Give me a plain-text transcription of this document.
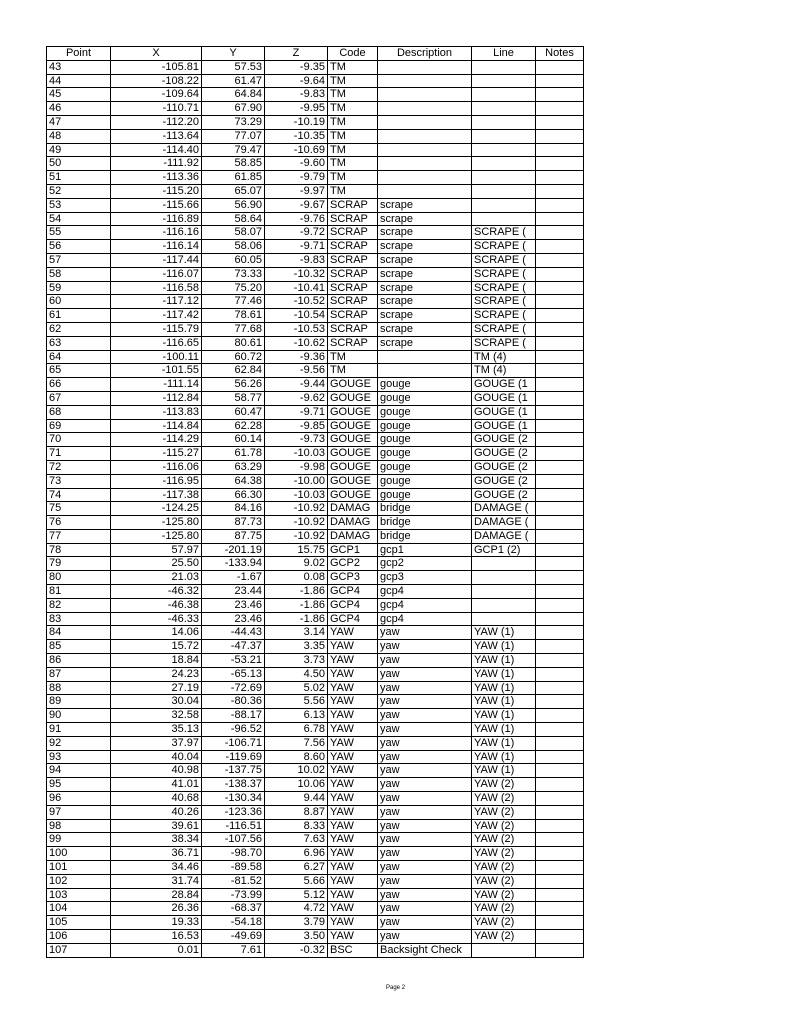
Point	X	Y	Z	Code	Description	Line	Notes
43	-105.81	57.53	-9.35	TM			
44	-108.22	61.47	-9.64	TM			
45	-109.64	64.84	-9.83	TM			
46	-110.71	67.90	-9.95	TM			
47	-112.20	73.29	-10.19	TM			
48	-113.64	77.07	-10.35	TM			
49	-114.40	79.47	-10.69	TM			
50	-111.92	58.85	-9.60	TM			
51	-113.36	61.85	-9.79	TM			
52	-115.20	65.07	-9.97	TM			
53	-115.66	56.90	-9.67	SCRAP	scrape		
54	-116.89	58.64	-9.76	SCRAP	scrape		
55	-116.16	58.07	-9.72	SCRAP	scrape	SCRAPE (	
56	-116.14	58.06	-9.71	SCRAP	scrape	SCRAPE (	
57	-117.44	60.05	-9.83	SCRAP	scrape	SCRAPE (	
58	-116.07	73.33	-10.32	SCRAP	scrape	SCRAPE (	
59	-116.58	75.20	-10.41	SCRAP	scrape	SCRAPE (	
60	-117.12	77.46	-10.52	SCRAP	scrape	SCRAPE (	
61	-117.42	78.61	-10.54	SCRAP	scrape	SCRAPE (	
62	-115.79	77.68	-10.53	SCRAP	scrape	SCRAPE (	
63	-116.65	80.61	-10.62	SCRAP	scrape	SCRAPE (	
64	-100.11	60.72	-9.36	TM		TM (4)	
65	-101.55	62.84	-9.56	TM		TM (4)	
66	-111.14	56.26	-9.44	GOUGE	gouge	GOUGE (1	
67	-112.84	58.77	-9.62	GOUGE	gouge	GOUGE (1	
68	-113.83	60.47	-9.71	GOUGE	gouge	GOUGE (1	
69	-114.84	62.28	-9.85	GOUGE	gouge	GOUGE (1	
70	-114.29	60.14	-9.73	GOUGE	gouge	GOUGE (2	
71	-115.27	61.78	-10.03	GOUGE	gouge	GOUGE (2	
72	-116.06	63.29	-9.98	GOUGE	gouge	GOUGE (2	
73	-116.95	64.38	-10.00	GOUGE	gouge	GOUGE (2	
74	-117.38	66.30	-10.03	GOUGE	gouge	GOUGE (2	
75	-124.25	84.16	-10.92	DAMAG	bridge	DAMAGE (	
76	-125.80	87.73	-10.92	DAMAG	bridge	DAMAGE (	
77	-125.80	87.75	-10.92	DAMAG	bridge	DAMAGE (	
78	57.97	-201.19	15.75	GCP1	gcp1	GCP1 (2)	
79	25.50	-133.94	9.02	GCP2	gcp2		
80	21.03	-1.67	0.08	GCP3	gcp3		
81	-46.32	23.44	-1.86	GCP4	gcp4		
82	-46.38	23.46	-1.86	GCP4	gcp4		
83	-46.33	23.46	-1.86	GCP4	gcp4		
84	14.06	-44.43	3.14	YAW	yaw	YAW (1)	
85	15.72	-47.37	3.35	YAW	yaw	YAW (1)	
86	18.84	-53.21	3.73	YAW	yaw	YAW (1)	
87	24.23	-65.13	4.50	YAW	yaw	YAW (1)	
88	27.19	-72.69	5.02	YAW	yaw	YAW (1)	
89	30.04	-80.36	5.56	YAW	yaw	YAW (1)	
90	32.58	-88.17	6.13	YAW	yaw	YAW (1)	
91	35.13	-96.52	6.78	YAW	yaw	YAW (1)	
92	37.97	-106.71	7.56	YAW	yaw	YAW (1)	
93	40.04	-119.69	8.60	YAW	yaw	YAW (1)	
94	40.98	-137.75	10.02	YAW	yaw	YAW (1)	
95	41.01	-138.37	10.06	YAW	yaw	YAW (2)	
96	40.68	-130.34	9.44	YAW	yaw	YAW (2)	
97	40.26	-123.36	8.87	YAW	yaw	YAW (2)	
98	39.61	-116.51	8.33	YAW	yaw	YAW (2)	
99	38.34	-107.56	7.63	YAW	yaw	YAW (2)	
100	36.71	-98.70	6.96	YAW	yaw	YAW (2)	
101	34.46	-89.58	6.27	YAW	yaw	YAW (2)	
102	31.74	-81.52	5.66	YAW	yaw	YAW (2)	
103	28.84	-73.99	5.12	YAW	yaw	YAW (2)	
104	26.36	-68.37	4.72	YAW	yaw	YAW (2)	
105	19.33	-54.18	3.79	YAW	yaw	YAW (2)	
106	16.53	-49.69	3.50	YAW	yaw	YAW (2)	
107	0.01	7.61	-0.32	BSC	Backsight Check		
Page 2
